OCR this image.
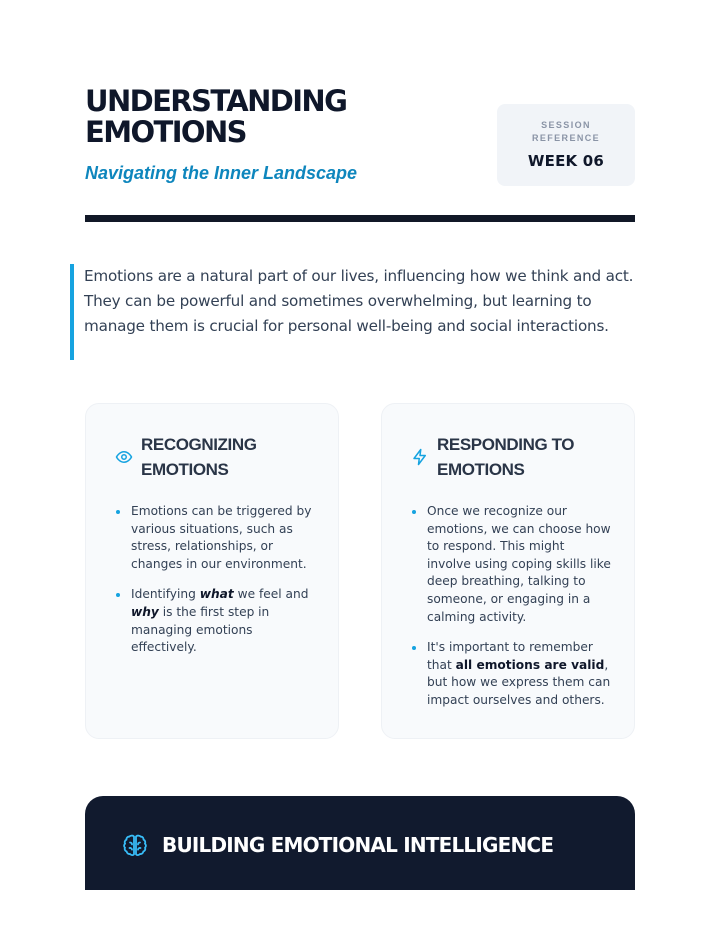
UNDERSTANDING
EMOTIONS
Navigating the Inner Landscape
SESSION
REFERENCE
WEEK 06

Emotions are a natural part of our lives, influencing how we think and act. They can be powerful and sometimes overwhelming, but learning to manage them is crucial for personal well-being and social interactions.

RECOGNIZING EMOTIONS
Emotions can be triggered by various situations, such as stress, relationships, or changes in our environment.
Identifying what we feel and why is the first step in managing emotions effectively.
RESPONDING TO EMOTIONS
Once we recognize our emotions, we can choose how to respond. This might involve using coping skills like deep breathing, talking to someone, or engaging in a calming activity.
It's important to remember that all emotions are valid, but how we express them can impact ourselves and others.
BUILDING EMOTIONAL INTELLIGENCE
